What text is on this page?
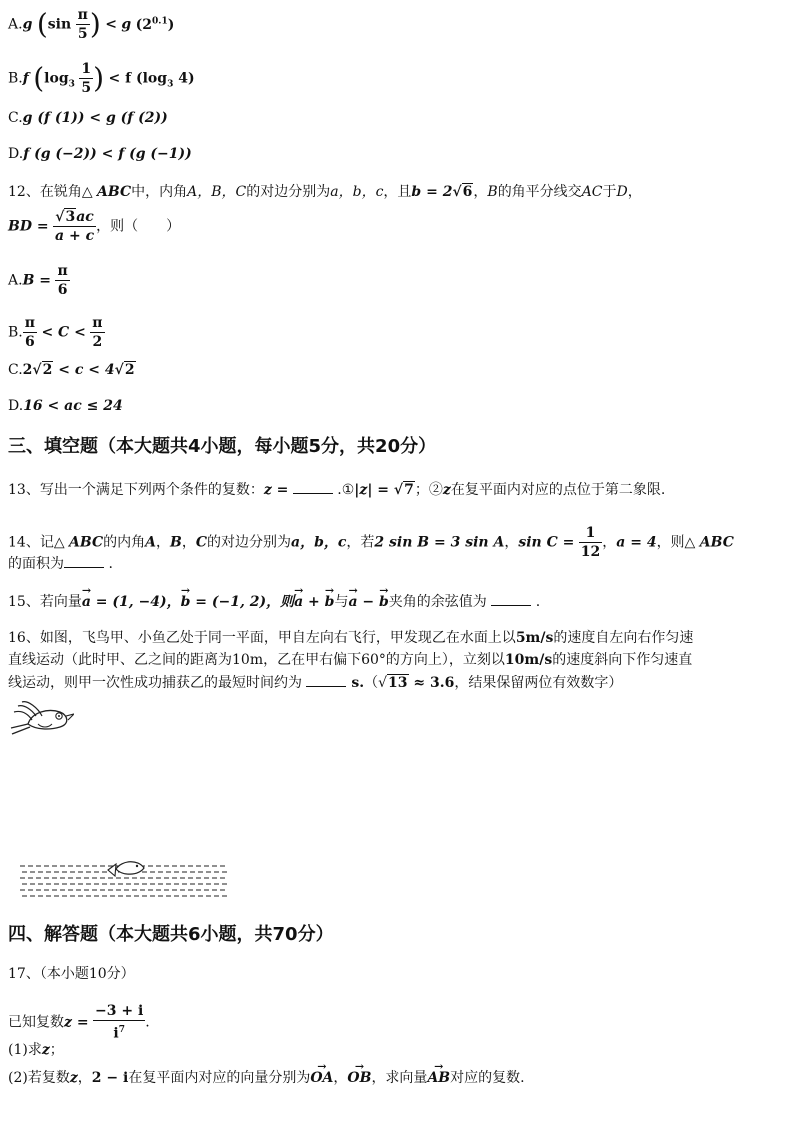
A.g ($\sin \frac{\pi}{5}$ ) < g $(2^{0.1})$
B.f ($\log_3 \frac{1}{5}$ ) < f ($\log_3$ 4)
C.g (f (1)) < g (f (2))
D.f (g (−2)) < f (g (−1))
12、在锐角△ ABC中，内角A，B，C的对边分别为a，b，c，且b = 2√6，B的角平分线交AC于D，
BD = $\frac{√3ac}{a + c}$ ，则（　　）
$A.B = \frac{\pi}{6}$
B. $\frac{\pi}{6} < C < \frac{\pi}{2}$
C.2√2 < c < 4√2
D.16 < ac ≤ 24
三、填空题（本大题共4小题，每小题5分，共20分）
13、写出一个满足下列两个条件的复数：z =	.①|z| = √7；②z在复平面内对应的点位于第二象限.
14、记△ ABC的内角A，B，C的对边分别为a，b，c，若2 sin B = 3 sin A，$\sin C = \frac{1}{12}$ ，a = 4，则△ ABC
的面积为	.
15、若向量→ a = (1, −4)，→ b = (−1, 2)，则→ a + → b与→ a − → b夹角的余弦值为	.
16、如图，飞鸟甲、小鱼乙处于同一平面，甲自左向右飞行，甲发现乙在水面上以5m/s的速度自左向右作匀速
直线运动（此时甲、乙之间的距离为10m，乙在甲右偏下60°的方向上），立刻以10m/s的速度斜向下作匀速直
线运动，则甲一次性成功捕获乙的最短时间约为	s.（√13 ≈ 3.6，结果保留两位有效数字）
四、解答题（本大题共6小题，共70分）
17、（本小题10分）
已知复数$z = \frac{-3 + i}{i^7}$ .
(1)求z；
(2)若复数z，2 − i在复平面内对应的向量分别为→ OA，→ OB，求向量→ AB对应的复数.
